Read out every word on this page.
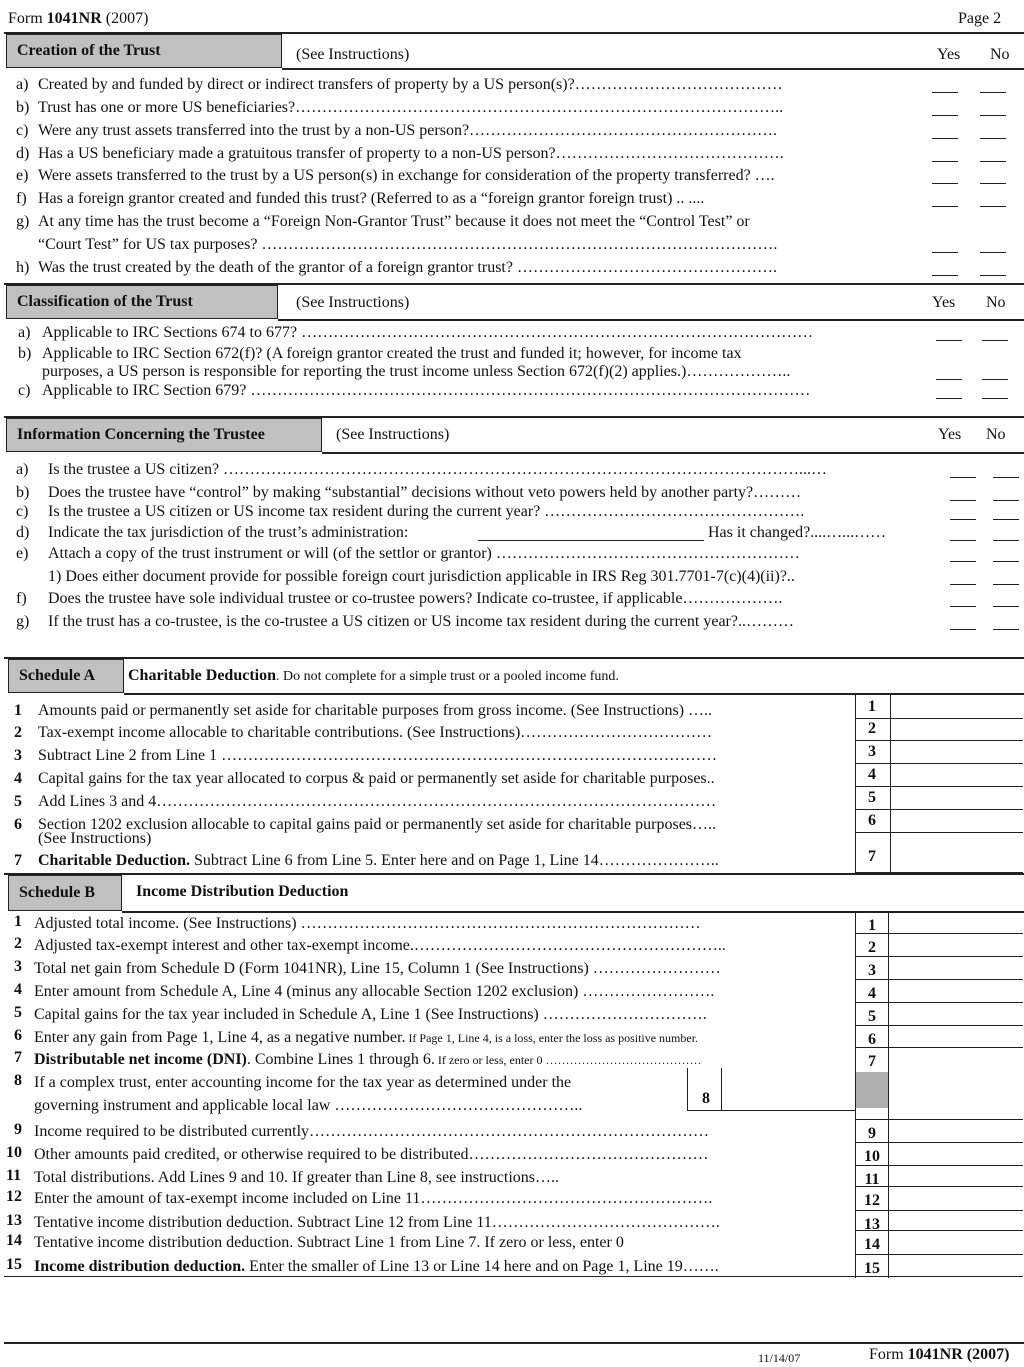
Form 1041NR (2007)	Page 2
Creation of the Trust	(See Instructions)	Yes No
a) Created by and funded by direct or indirect transfers of property by a US person(s)?…………………………………
b) Trust has one or more US beneficiaries?………………………………………………………………………………..
c) Were any trust assets transferred into the trust by a non-US person?………………………………………………….
d) Has a US beneficiary made a gratuitous transfer of property to a non-US person?…………………………………….
e) Were assets transferred to the trust by a US person(s) in exchange for consideration of the property transferred? ….
f) Has a foreign grantor created and funded this trust? (Referred to as a “foreign grantor foreign trust) .. ....
g) At any time has the trust become a “Foreign Non-Grantor Trust” because it does not meet the “Control Test” or
“Court Test” for US tax purposes? …………………………………………………………………………………….
h) Was the trust created by the death of the grantor of a foreign grantor trust? ………………………………………….
Classification of the Trust	(See Instructions)	Yes No
a) Applicable to IRC Sections 674 to 677? ……………………………………………………………………………………
b) Applicable to IRC Section 672(f)? (A foreign grantor created the trust and funded it; however, for income tax
purposes, a US person is responsible for reporting the trust income unless Section 672(f)(2) applies.)………………..
c) Applicable to IRC Section 679? ……………………………………………………………………………………………
Information Concerning the Trustee	(See Instructions)	Yes No
a) Is the trustee a US citizen? ………………………………………………………………………………………………...…
b) Does the trustee have “control” by making “substantial” decisions without veto powers held by another party?………
c) Is the trustee a US citizen or US income tax resident during the current year? ………………………………………….
d) Indicate the tax jurisdiction of the trust’s administration:	Has it changed?....…...……
e) Attach a copy of the trust instrument or will (of the settlor or grantor) …………………………………………………
1) Does either document provide for possible foreign court jurisdiction applicable in IRS Reg 301.7701-7(c)(4)(ii)?..
f) Does the trustee have sole individual trustee or co-trustee powers? Indicate co-trustee, if applicable……………….
g) If the trust has a co-trustee, is the co-trustee a US citizen or US income tax resident during the current year?..………
Schedule A	Charitable Deduction. Do not complete for a simple trust or a pooled income fund.
1 Amounts paid or permanently set aside for charitable purposes from gross income. (See Instructions) …..	1
2 Tax-exempt income allocable to charitable contributions. (See Instructions)………………………………	2
3 Subtract Line 2 from Line 1 …………………………………………………………………………………	3
4 Capital gains for the tax year allocated to corpus & paid or permanently set aside for charitable purposes..	4
5 Add Lines 3 and 4……………………………………………………………………………………………	5
6 Section 1202 exclusion allocable to capital gains paid or permanently set aside for charitable purposes…..
(See Instructions)
6
7 Charitable Deduction. Subtract Line 6 from Line 5. Enter here and on Page 1, Line 14…………………..	7
Schedule B	Income Distribution Deduction
1 Adjusted total income. (See Instructions) …………………………………………………………………	1
2 Adjusted tax-exempt interest and other tax-exempt income.…………………………………………………..	2
3 Total net gain from Schedule D (Form 1041NR), Line 15, Column 1 (See Instructions) ……………………	3
4 Enter amount from Schedule A, Line 4 (minus any allocable Section 1202 exclusion) …………………….	4
5 Capital gains for the tax year included in Schedule A, Line 1 (See Instructions) ………………………….	5
6 Enter any gain from Page 1, Line 4, as a negative number. If Page 1, Line 4, is a loss, enter the loss as positive number.	6
7 Distributable net income (DNI). Combine Lines 1 through 6. If zero or less, enter 0 …………………………………	7
8 If a complex trust, enter accounting income for the tax year as determined under the
governing instrument and applicable local law ………………………………………..	8
9 Income required to be distributed currently…………………………………………………………………	9
10 Other amounts paid credited, or otherwise required to be distributed………………………………………	10
11 Total distributions. Add Lines 9 and 10. If greater than Line 8, see instructions…..	11
12 Enter the amount of tax-exempt income included on Line 11……………………………………………….	12
13 Tentative income distribution deduction. Subtract Line 12 from Line 11…………………………………….	13
14 Tentative income distribution deduction. Subtract Line 1 from Line 7. If zero or less, enter 0	14
15 Income distribution deduction. Enter the smaller of Line 13 or Line 14 here and on Page 1, Line 19…….	15
11/14/07	Form 1041NR (2007)
